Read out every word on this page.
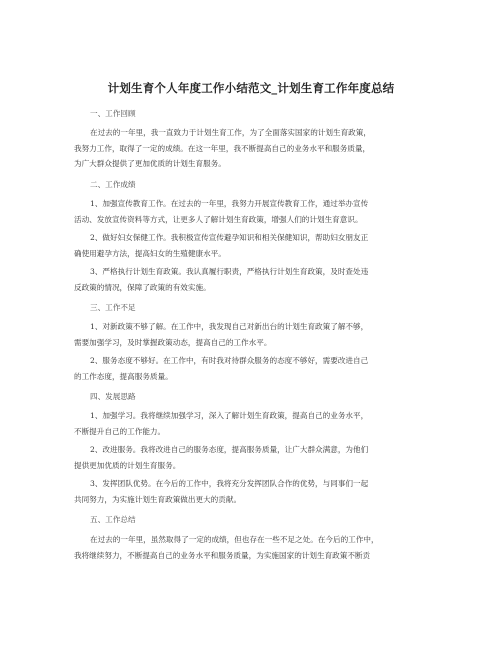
计划生育个人年度工作小结范文_计划生育工作年度总结
一、工作回顾
在过去的一年里，我一直致力于计划生育工作，为了全面落实国家的计划生育政策，
我努力工作，取得了一定的成绩。在这一年里，我不断提高自己的业务水平和服务质量，
为广大群众提供了更加优质的计划生育服务。
二、工作成绩
1、加强宣传教育工作。在过去的一年里，我努力开展宣传教育工作，通过举办宣传
活动、发放宣传资料等方式，让更多人了解计划生育政策，增强人们的计划生育意识。
2、做好妇女保健工作。我积极宣传宣传避孕知识和相关保健知识，帮助妇女朋友正
确使用避孕方法，提高妇女的生殖健康水平。
3、严格执行计划生育政策。我认真履行职责，严格执行计划生育政策，及时查处违
反政策的情况，保障了政策的有效实施。
三、工作不足
1、对新政策不够了解。在工作中，我发现自己对新出台的计划生育政策了解不够，
需要加强学习，及时掌握政策动态，提高自己的工作水平。
2、服务态度不够好。在工作中，有时我对待群众服务的态度不够好，需要改进自己
的工作态度，提高服务质量。
四、发展思路
1、加强学习。我将继续加强学习，深入了解计划生育政策，提高自己的业务水平，
不断提升自己的工作能力。
2、改进服务。我将改进自己的服务态度，提高服务质量，让广大群众满意，为他们
提供更加优质的计划生育服务。
3、发挥团队优势。在今后的工作中，我将充分发挥团队合作的优势，与同事们一起
共同努力，为实施计划生育政策做出更大的贡献。
五、工作总结
在过去的一年里，虽然取得了一定的成绩，但也存在一些不足之处。在今后的工作中，
我将继续努力，不断提高自己的业务水平和服务质量，为实施国家的计划生育政策不断贡
